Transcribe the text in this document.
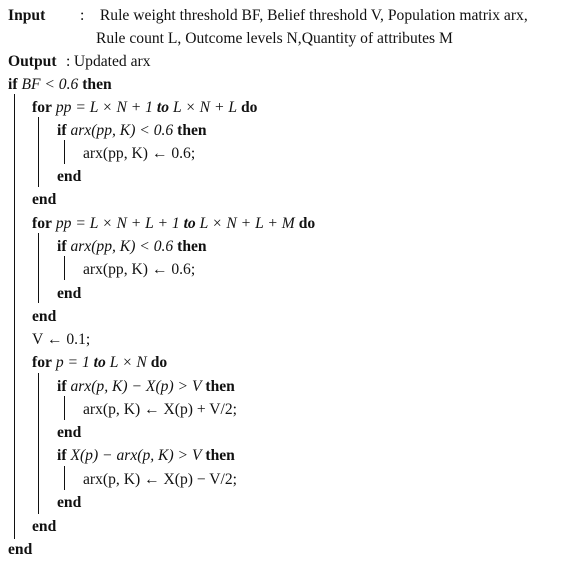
Input : Rule weight threshold BF, Belief threshold V, Population matrix arx,
Rule count L, Outcome levels N,Quantity of attributes M
Output : Updated arx
if BF < 0.6 then
for pp = L × N + 1 to L × N + L do
if arx(pp, K) < 0.6 then
arx(pp, K) ← 0.6;
end
end
for pp = L × N + L + 1 to L × N + L + M do
if arx(pp, K) < 0.6 then
arx(pp, K) ← 0.6;
end
end
V ← 0.1;
for p = 1 to L × N do
if arx(p, K) − X(p) > V then
arx(p, K) ← X(p) + V/2;
end
if X(p) − arx(p, K) > V then
arx(p, K) ← X(p) − V/2;
end
end
end
